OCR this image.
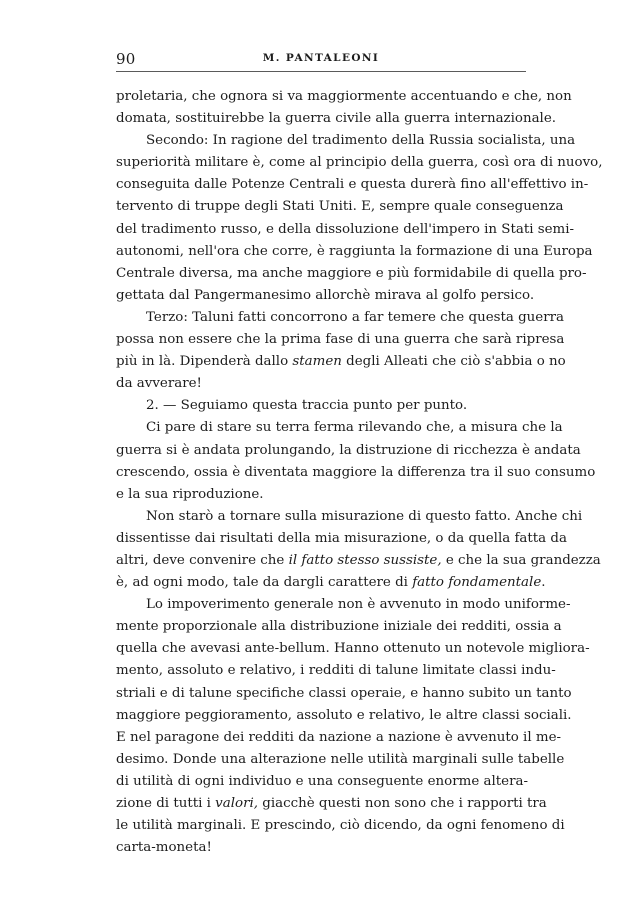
90	M. PANTALEONI
proletaria, che ognora si va maggiormente accentuando e che, non
domata, sostituirebbe la guerra civile alla guerra internazionale.
Secondo: In ragione del tradimento della Russia socialista, una
superiorità militare è, come al principio della guerra, così ora di nuovo,
conseguita dalle Potenze Centrali e questa durerà fino all'effettivo in-
tervento di truppe degli Stati Uniti. E, sempre quale conseguenza
del tradimento russo, e della dissoluzione dell'impero in Stati semi-
autonomi, nell'ora che corre, è raggiunta la formazione di una Europa
Centrale diversa, ma anche maggiore e più formidabile di quella pro-
gettata dal Pangermanesimo allorchè mirava al golfo persico.
Terzo: Taluni fatti concorrono a far temere che questa guerra
possa non essere che la prima fase di una guerra che sarà ripresa
più in là. Dipenderà dallo stamen degli Alleati che ciò s'abbia o no
da avverare!
2. — Seguiamo questa traccia punto per punto.
Ci pare di stare su terra ferma rilevando che, a misura che la
guerra si è andata prolungando, la distruzione di ricchezza è andata
crescendo, ossia è diventata maggiore la differenza tra il suo consumo
e la sua riproduzione.
Non starò a tornare sulla misurazione di questo fatto. Anche chi
dissentisse dai risultati della mia misurazione, o da quella fatta da
altri, deve convenire che il fatto stesso sussiste, e che la sua grandezza
è, ad ogni modo, tale da dargli carattere di fatto fondamentale.
Lo impoverimento generale non è avvenuto in modo uniforme-
mente proporzionale alla distribuzione iniziale dei redditi, ossia a
quella che avevasi ante-bellum. Hanno ottenuto un notevole migliora-
mento, assoluto e relativo, i redditi di talune limitate classi indu-
striali e di talune specifiche classi operaie, e hanno subito un tanto
maggiore peggioramento, assoluto e relativo, le altre classi sociali.
E nel paragone dei redditi da nazione a nazione è avvenuto il me-
desimo. Donde una alterazione nelle utilità marginali sulle tabelle
di utilità di ogni individuo e una conseguente enorme altera-
zione di tutti i valori, giacchè questi non sono che i rapporti tra
le utilità marginali. E prescindo, ciò dicendo, da ogni fenomeno di
carta-moneta!
